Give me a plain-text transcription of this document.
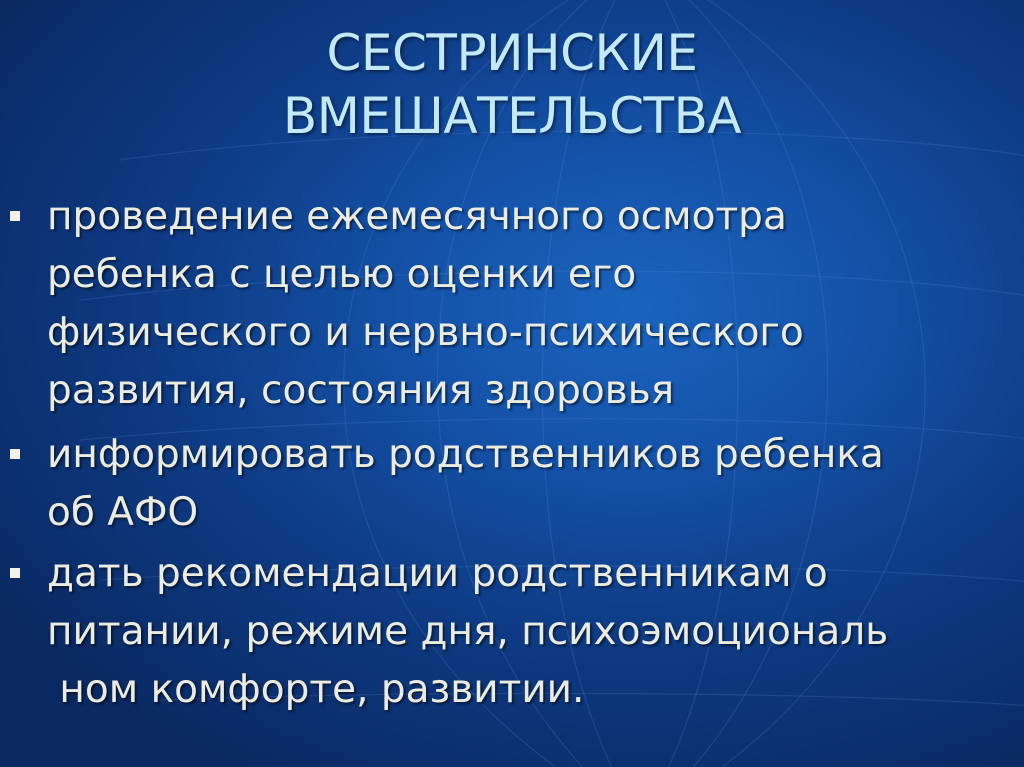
СЕСТРИНСКИЕ
ВМЕШАТЕЛЬСТВА
проведение ежемесячного осмотра
ребенка с целью оценки его
физического и нервно-психического
развития, состояния здоровья
информировать родственников ребенка
об АФО
дать рекомендации родственникам о
питании, режиме дня, психоэмоциональ
ном комфорте, развитии.
